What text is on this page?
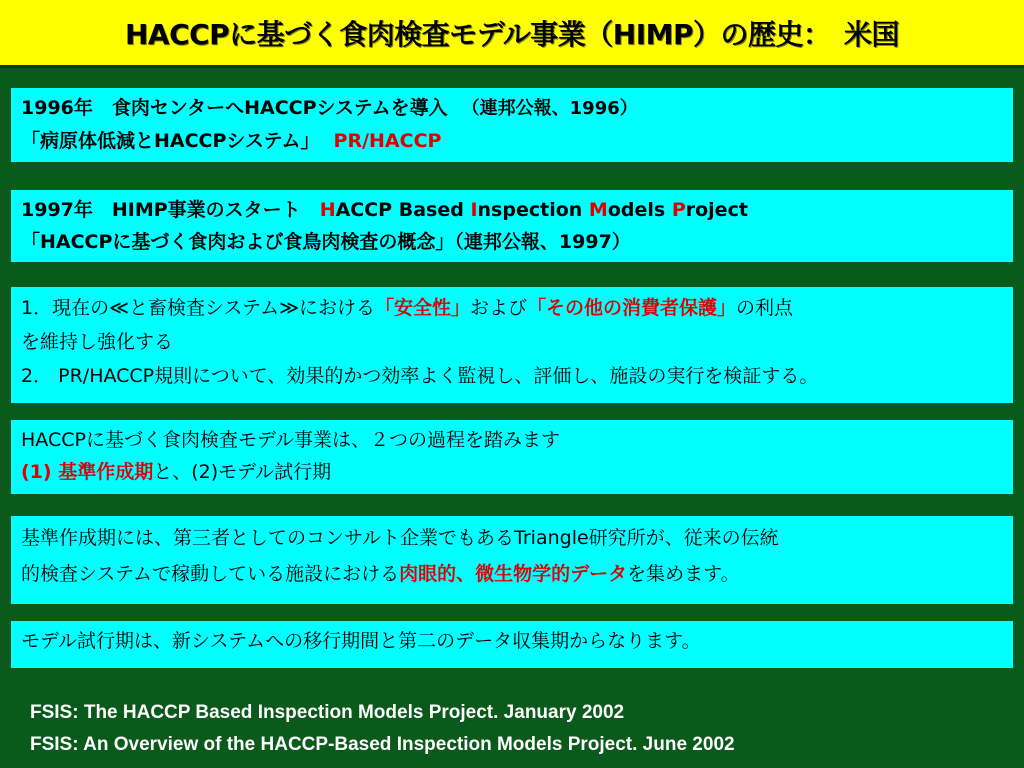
HACCPに基づく食肉検査モデル事業（HIMP）の歴史：　米国
1996年　食肉センターへHACCPシステムを導入 （連邦公報、1996）
「病原体低減とHACCPシステム」 PR/HACCP
1997年　HIMP事業のスタート　HACCP Based Inspection Models Project
「HACCPに基づく食肉および食鳥肉検査の概念」（連邦公報、1997）
1．現在の≪と畜検査システム≫における「安全性」および「その他の消費者保護」の利点
を維持し強化する
2． PR/HACCP規則について、効果的かつ効率よく監視し、評価し、施設の実行を検証する。
HACCPに基づく食肉検査モデル事業は、２つの過程を踏みます
(1) 基準作成期と、(2)モデル試行期
基準作成期には、第三者としてのコンサルト企業でもあるTriangle研究所が、従来の伝統
的検査システムで稼動している施設における肉眼的、微生物学的データを集めます。
モデル試行期は、新システムへの移行期間と第二のデータ収集期からなります。
FSIS: The HACCP Based Inspection Models Project. January 2002
FSIS: An Overview of the HACCP-Based Inspection Models Project. June 2002
